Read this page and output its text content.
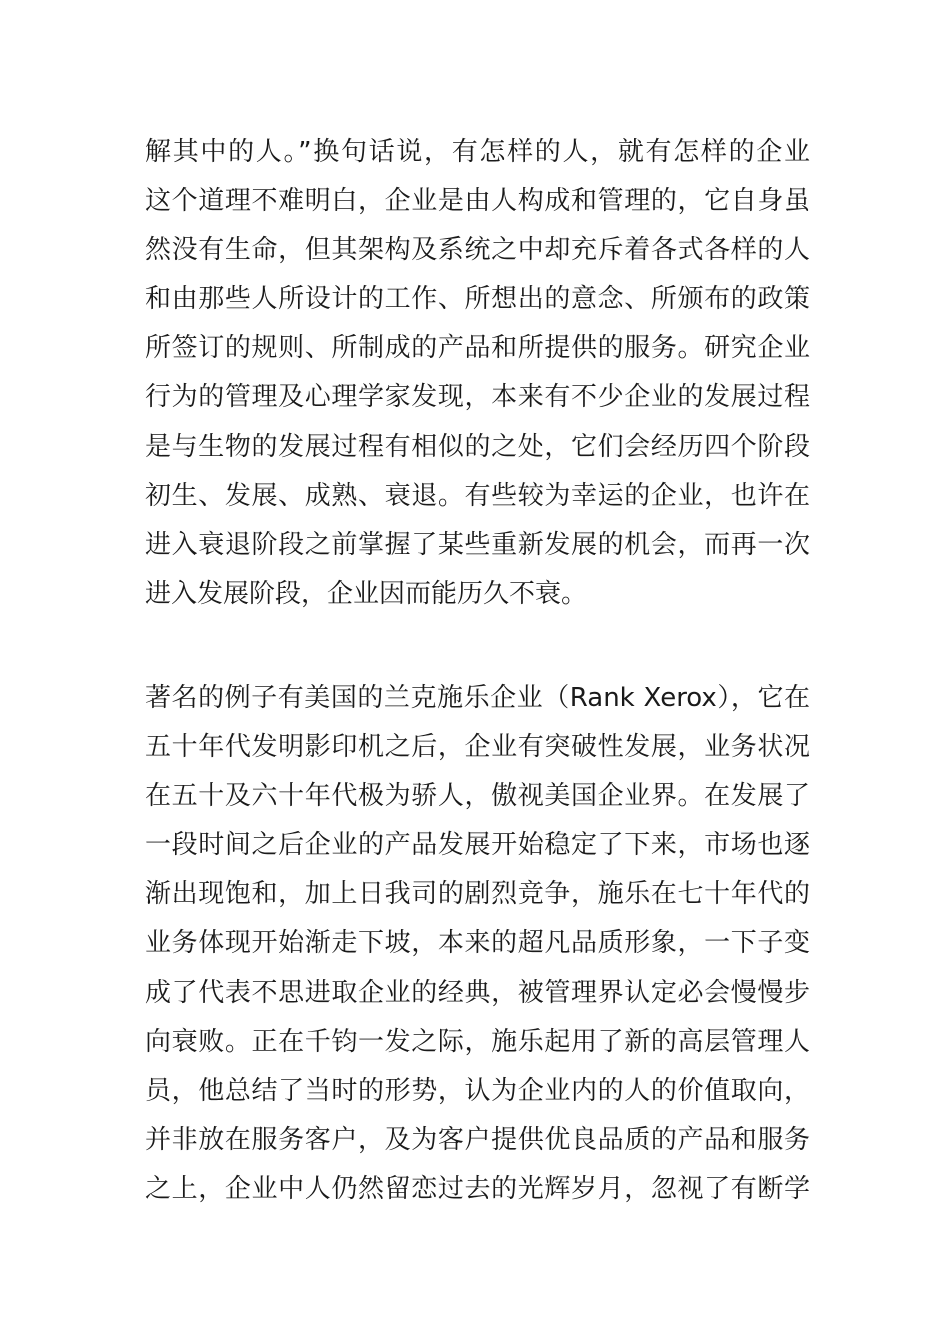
解其中的人。”换句话说，有怎样的人，就有怎样的企业
这个道理不难明白，企业是由人构成和管理的，它自身虽
然没有生命，但其架构及系统之中却充斥着各式各样的人
和由那些人所设计的工作、所想出的意念、所颁布的政策
所签订的规则、所制成的产品和所提供的服务。研究企业
行为的管理及心理学家发现，本来有不少企业的发展过程
是与生物的发展过程有相似的之处，它们会经历四个阶段
初生、发展、成熟、衰退。有些较为幸运的企业，也许在
进入衰退阶段之前掌握了某些重新发展的机会，而再一次
进入发展阶段，企业因而能历久不衰。
著名的例子有美国的兰克施乐企业（Rank Xerox），它在
五十年代发明影印机之后，企业有突破性发展，业务状况
在五十及六十年代极为骄人，傲视美国企业界。在发展了
一段时间之后企业的产品发展开始稳定了下来，市场也逐
渐出现饱和，加上日我司的剧烈竞争，施乐在七十年代的
业务体现开始渐走下坡，本来的超凡品质形象，一下子变
成了代表不思进取企业的经典，被管理界认定必会慢慢步
向衰败。正在千钧一发之际，施乐起用了新的高层管理人
员，他总结了当时的形势，认为企业内的人的价值取向，
并非放在服务客户，及为客户提供优良品质的产品和服务
之上，企业中人仍然留恋过去的光辉岁月，忽视了有断学
